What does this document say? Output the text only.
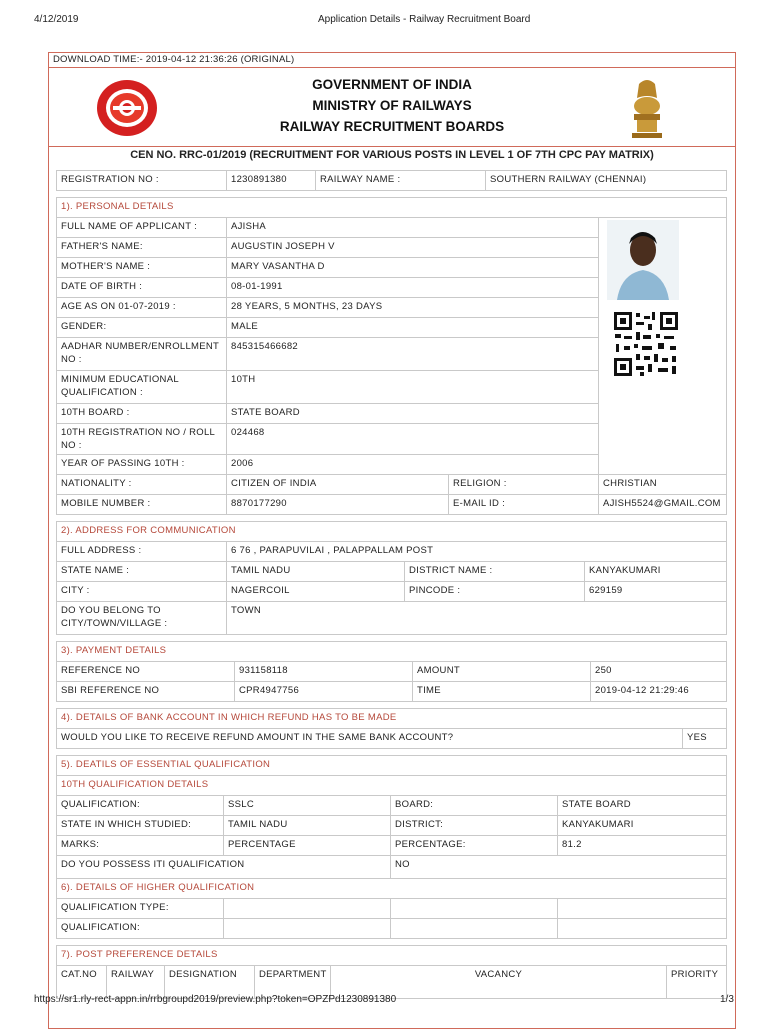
4/12/2019	Application Details - Railway Recruitment Board
DOWNLOAD TIME:- 2019-04-12 21:36:26 (ORIGINAL)
GOVERNMENT OF INDIA
MINISTRY OF RAILWAYS
RAILWAY RECRUITMENT BOARDS
CEN NO. RRC-01/2019 (RECRUITMENT FOR VARIOUS POSTS IN LEVEL 1 OF 7TH CPC PAY MATRIX)
REGISTRATION NO :	1230891380	RAILWAY NAME :	SOUTHERN RAILWAY (CHENNAI)
1). PERSONAL DETAILS			
FULL NAME OF APPLICANT :	AJISHA	

FATHER'S NAME:	AUGUSTIN JOSEPH V		
MOTHER'S NAME :	MARY VASANTHA D		
DATE OF BIRTH :	08-01-1991		
AGE AS ON 01-07-2019 :	28 YEARS, 5 MONTHS, 23 DAYS		
GENDER:	MALE		
AADHAR NUMBER/ENROLLMENT NO :	845315466682		
MINIMUM EDUCATIONAL QUALIFICATION :	10TH		
10TH BOARD :	STATE BOARD		
10TH REGISTRATION NO / ROLL NO :	024468		
YEAR OF PASSING 10TH :	2006		
NATIONALITY :	CITIZEN OF INDIA	RELIGION :	CHRISTIAN
MOBILE NUMBER :	8870177290	E-MAIL ID :	AJISH5524@GMAIL.COM
2). ADDRESS FOR COMMUNICATION			
FULL ADDRESS :	6 76 , PARAPUVILAI , PALAPPALLAM POST		
STATE NAME :	TAMIL NADU	DISTRICT NAME :	KANYAKUMARI
CITY :	NAGERCOIL	PINCODE :	629159
DO YOU BELONG TO CITY/TOWN/VILLAGE :	TOWN		
3). PAYMENT DETAILS			
REFERENCE NO	931158118	AMOUNT	250
SBI REFERENCE NO	CPR4947756	TIME	2019-04-12 21:29:46
4). DETAILS OF BANK ACCOUNT IN WHICH REFUND HAS TO BE MADE
WOULD YOU LIKE TO RECEIVE REFUND AMOUNT IN THE SAME BANK ACCOUNT?	YES
5). DEATILS OF ESSENTIAL QUALIFICATION			
10TH QUALIFICATION DETAILS			
QUALIFICATION:	SSLC	BOARD:	STATE BOARD
STATE IN WHICH STUDIED:	TAMIL NADU	DISTRICT:	KANYAKUMARI
MARKS:	PERCENTAGE	PERCENTAGE:	81.2
DO YOU POSSESS ITI QUALIFICATION		NO	
6). DETAILS OF HIGHER QUALIFICATION			
QUALIFICATION TYPE:			
QUALIFICATION:			
7). POST PREFERENCE DETAILS
CAT.NO	RAILWAY	DESIGNATION	DEPARTMENT	VACANCY	PRIORITY
https://sr1.rly-rect-appn.in/rrbgroupd2019/preview.php?token=OPZPd1230891380	1/3
